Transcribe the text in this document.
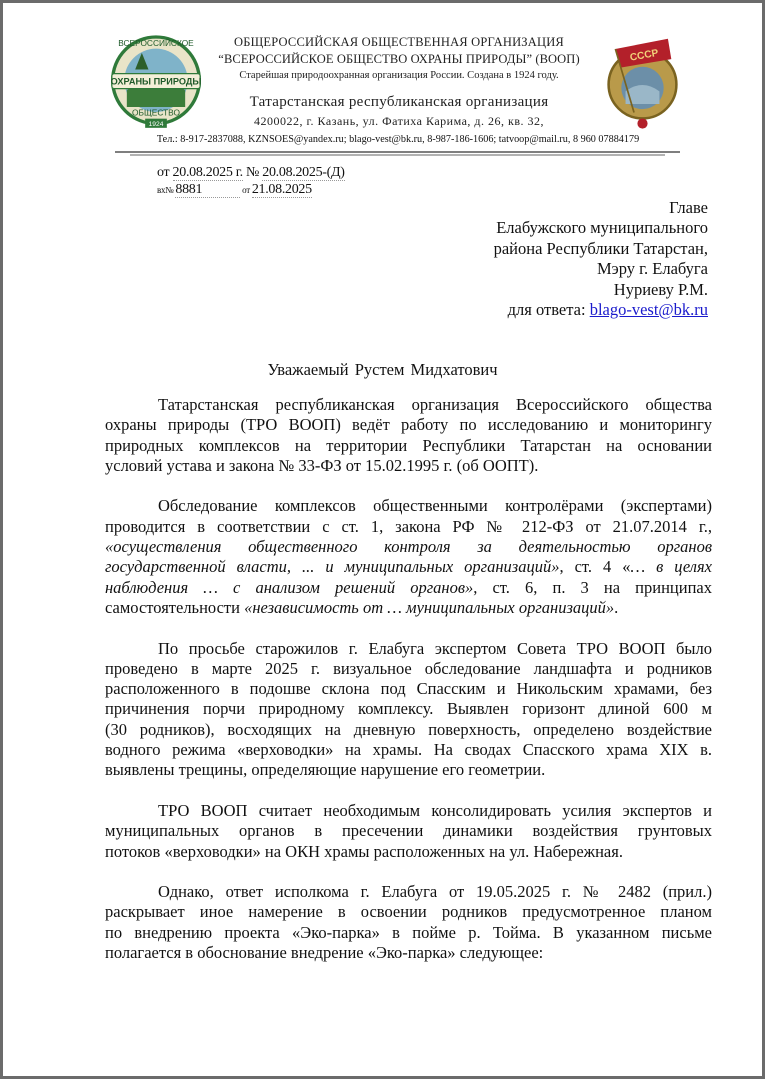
ОХРАНЫ ПРИРОДЫ
ВСЕРОССИЙСКОЕ
ОБЩЕСТВО
1924
СССР
ОБЩЕРОССИЙСКАЯ ОБЩЕСТВЕННАЯ ОРГАНИЗАЦИЯ
“ВСЕРОССИЙСКОЕ ОБЩЕСТВО ОХРАНЫ ПРИРОДЫ” (ВООП)
Старейшая природоохранная организация России. Создана в 1924 году.
Татарстанская республиканская организация
4200022, г. Казань, ул. Фатиха Карима, д. 26, кв. 32,
Тел.: 8-917-2837088, KZNSOES@yandex.ru; blago-vest@bk.ru, 8-987-186-1606; tatvoop@mail.ru, 8 960 07884179
от 20.08.2025 г. № 20.08.2025-(Д)
вх№ 8881	от 21.08.2025
Главе
Елабужского муниципального
района Республики Татарстан,
Мэру г. Елабуга
Нуриеву Р.М.
для ответа: blago-vest@bk.ru
Уважаемый Рустем Мидхатович
Татарстанская республиканская организация Всероссийского общества
охраны природы (ТРО ВООП) ведёт работу по исследованию и мониторингу
природных комплексов на территории Республики Татарстан на основании
условий устава и закона № 33-ФЗ от 15.02.1995 г. (об ООПТ).
Обследование комплексов общественными контролёрами (экспертами)
проводится в соответствии с ст. 1, закона РФ № 212-ФЗ от 21.07.2014 г.,
«осуществления общественного контроля за деятельностью органов
государственной власти, ... и муниципальных организаций», ст. 4 «… в целях
наблюдения … с анализом решений органов», ст. 6, п. 3 на принципах
самостоятельности «независимость от … муниципальных организаций».
По просьбе старожилов г. Елабуга экспертом Совета ТРО ВООП было
проведено в марте 2025 г. визуальное обследование ландшафта и родников
расположенного в подошве склона под Спасским и Никольским храмами, без
причинения порчи природному комплексу. Выявлен горизонт длиной 600 м
(30 родников), восходящих на дневную поверхность, определено воздействие
водного режима «верховодки» на храмы. На сводах Спасского храма XIX в.
выявлены трещины, определяющие нарушение его геометрии.
ТРО ВООП считает необходимым консолидировать усилия экспертов и
муниципальных органов в пресечении динамики воздействия грунтовых
потоков «верховодки» на ОКН храмы расположенных на ул. Набережная.
Однако, ответ исполкома г. Елабуга от 19.05.2025 г. № 2482 (прил.)
раскрывает иное намерение в освоении родников предусмотренное планом
по внедрению проекта «Эко-парка» в пойме р. Тойма. В указанном письме
полагается в обоснование внедрение «Эко-парка» следующее:
